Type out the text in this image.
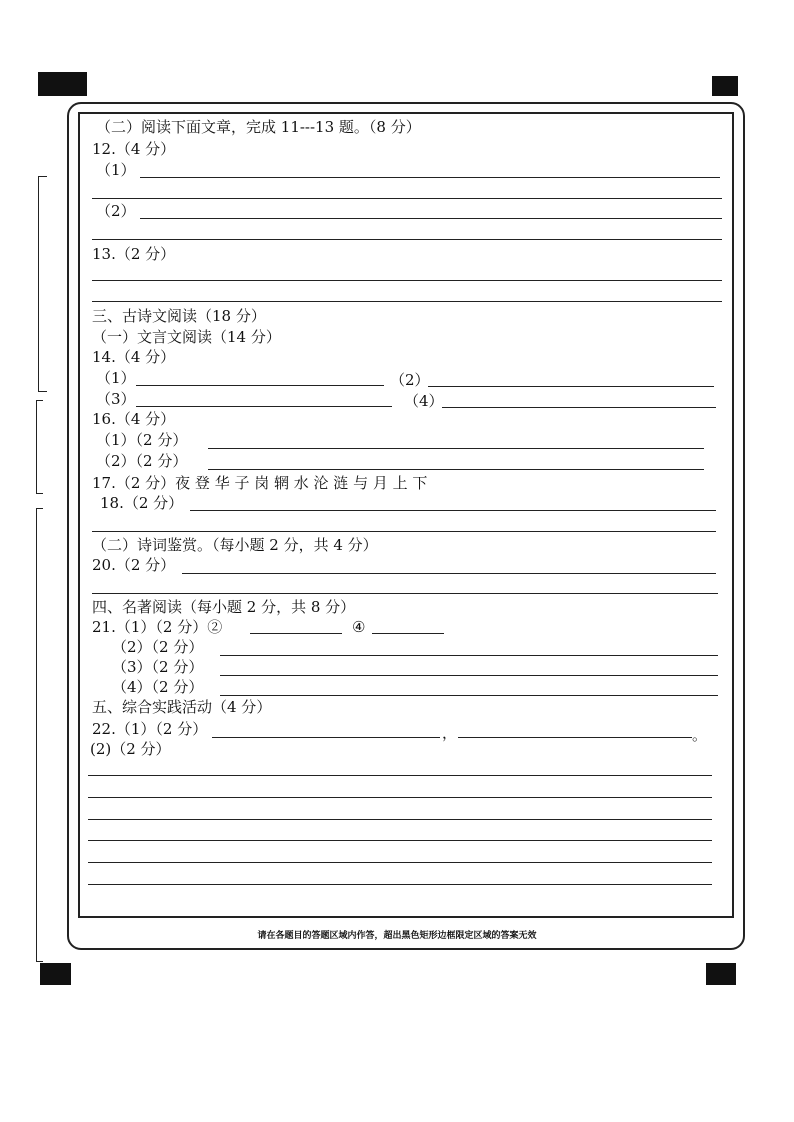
（二）阅读下面文章，完成 11---13 题。（8 分）
12.（4 分）
（1）
（2）
13.（2 分）
三、古诗文阅读（18 分）
（一）文言文阅读（14 分）
14.（4 分）
（1）	（2）
（3）	（4）
16.（4 分）
（1）（2 分）
（2）（2 分）
17.（2 分）夜 登 华 子 岗 辋 水 沦 涟 与 月 上 下
18.（2 分）
（二）诗词鉴赏。（每小题 2 分，共 4 分）
20.（2 分）
四、名著阅读（每小题 2 分，共 8 分）
21.（1）（2 分）②	④
（2）（2 分）
（3）（2 分）
（4）（2 分）
五、综合实践活动（4 分）
22.（1）（2 分）	，	。
(2)（2 分）
请在各题目的答题区域内作答，超出黑色矩形边框限定区域的答案无效
